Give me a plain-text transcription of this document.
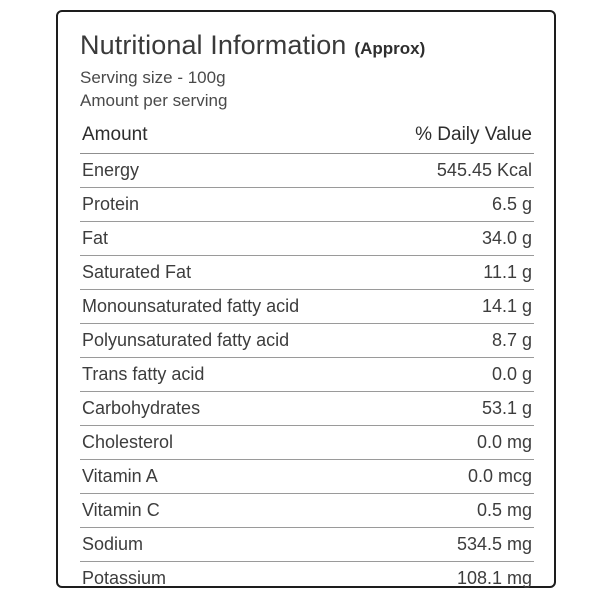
Nutritional Information (Approx)
Serving size - 100g
Amount per serving
Amount	% Daily Value
Energy	545.45 Kcal
Protein	6.5 g
Fat	34.0 g
Saturated Fat	11.1 g
Monounsaturated fatty acid	14.1 g
Polyunsaturated fatty acid	8.7 g
Trans fatty acid	0.0 g
Carbohydrates	53.1 g
Cholesterol	0.0 mg
Vitamin A	0.0 mcg
Vitamin C	0.5 mg
Sodium	534.5 mg
Potassium	108.1 mg
